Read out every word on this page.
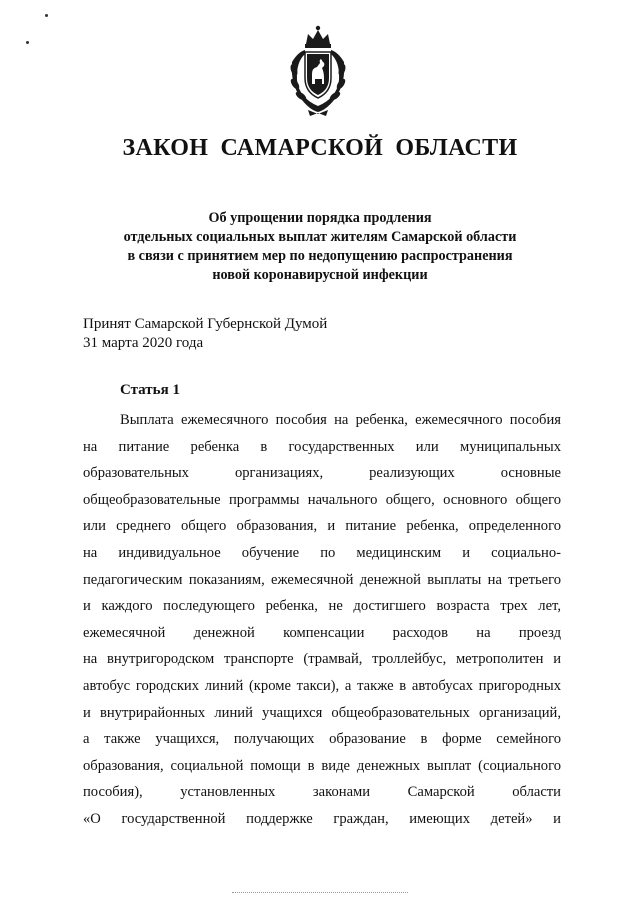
ЗАКОН САМАРСКОЙ ОБЛАСТИ
Об упрощении порядка продления
отдельных социальных выплат жителям Самарской области
в связи с принятием мер по недопущению распространения
новой коронавирусной инфекции
Принят Самарской Губернской Думой
31 марта 2020 года
Статья 1
Выплата ежемесячного пособия на ребенка, ежемесячного пособия
на питание ребенка в государственных или муниципальных
образовательных организациях, реализующих основные
общеобразовательные программы начального общего, основного общего
или среднего общего образования, и питание ребенка, определенного
на индивидуальное обучение по медицинским и социально-
педагогическим показаниям, ежемесячной денежной выплаты на третьего
и каждого последующего ребенка, не достигшего возраста трех лет,
ежемесячной денежной компенсации расходов на проезд
на внутригородском транспорте (трамвай, троллейбус, метрополитен и
автобус городских линий (кроме такси), а также в автобусах пригородных
и внутрирайонных линий учащихся общеобразовательных организаций,
а также учащихся, получающих образование в форме семейного
образования, социальной помощи в виде денежных выплат (социального
пособия), установленных законами Самарской области
«О государственной поддержке граждан, имеющих детей» и
